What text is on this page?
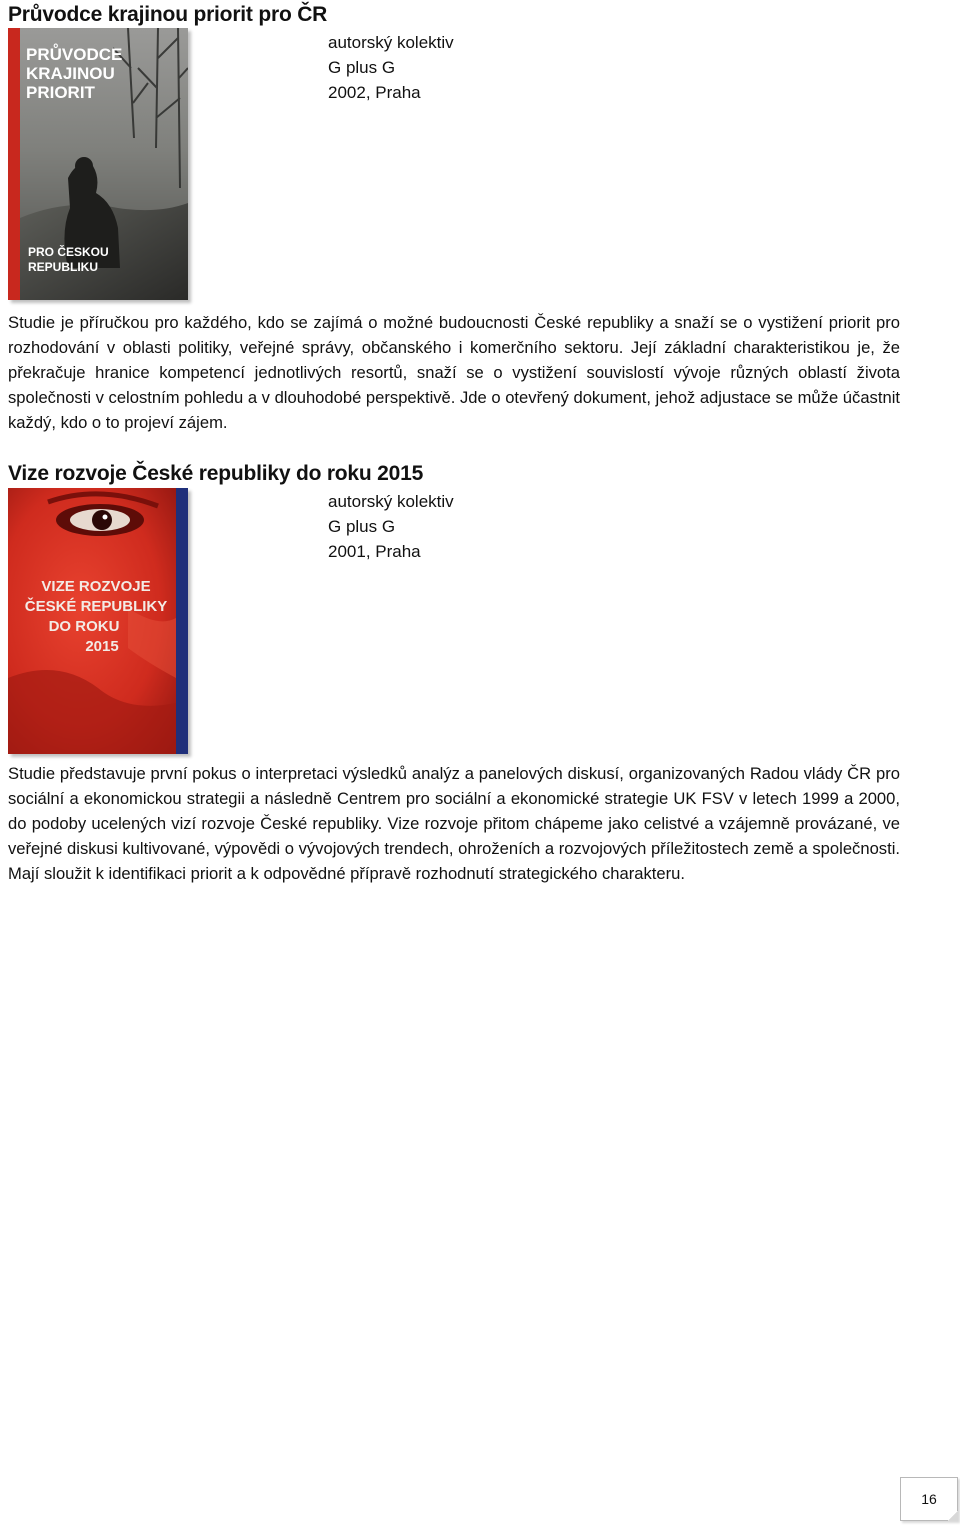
Průvodce krajinou priorit pro ČR
PRŮVODCE
KRAJINOU
PRIORIT
PRO ČESKOU
REPUBLIKU
autorský kolektiv
G plus G
2002, Praha

Studie je příručkou pro každého, kdo se zajímá o možné budoucnosti České republiky a snaží se o vystižení priorit pro rozhodování v oblasti politiky, veřejné správy, občanského i komerčního sektoru. Její základní charakteristikou je, že překračuje hranice kompetencí jednotlivých resortů, snaží se o vystižení souvislostí vývoje různých oblastí života společnosti v celostním pohledu a v dlouhodobé perspektivě. Jde o otevřený dokument, jehož adjustace se může účastnit každý, kdo o to projeví zájem.

Vize rozvoje České republiky do roku 2015
VIZE ROZVOJE
ČESKÉ REPUBLIKY
DO ROKU
2015
autorský kolektiv
G plus G
2001, Praha

Studie představuje první pokus o interpretaci výsledků analýz a panelových diskusí, organizovaných Radou vlády ČR pro sociální a ekonomickou strategii a následně Centrem pro sociální a ekonomické strategie UK FSV v letech 1999 a 2000, do podoby ucelených vizí rozvoje České republiky. Vize rozvoje přitom chápeme jako celistvé a vzájemně provázané, ve veřejné diskusi kultivované, výpovědi o vývojových trendech, ohroženích a rozvojových příležitostech země a společnosti. Mají sloužit k identifikaci priorit a k odpovědné přípravě rozhodnutí strategického charakteru.

16
